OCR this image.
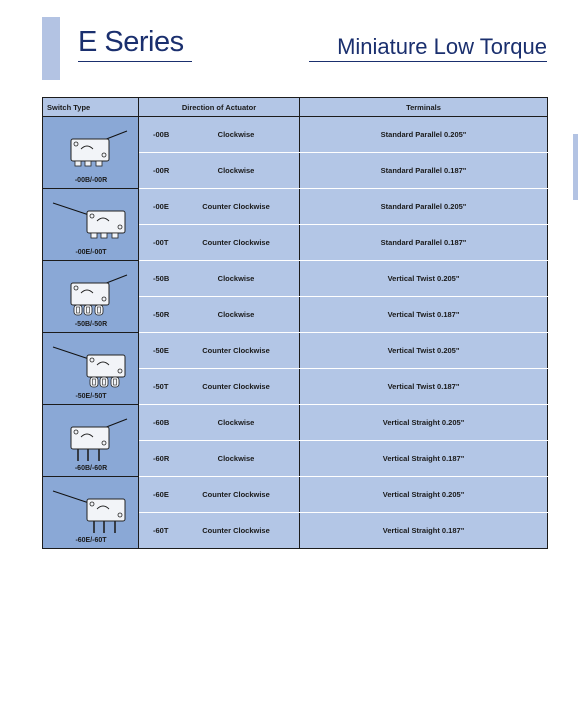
E Series	Miniature Low Torque
Switch Type	Direction of Actuator	Terminals

-00B/-00R	-00B Clockwise	Standard Parallel 0.205"

	-00R Clockwise	Standard Parallel 0.187"

-00E/-00T	-00E Counter Clockwise	Standard Parallel 0.205"

	-00T Counter Clockwise	Standard Parallel 0.187"

-50B/-50R	-50B Clockwise	Vertical Twist 0.205"

	-50R Clockwise	Vertical Twist 0.187"

-50E/-50T	-50E Counter Clockwise	Vertical Twist 0.205"

	-50T Counter Clockwise	Vertical Twist 0.187"

-60B/-60R	-60B Clockwise	Vertical Straight 0.205"

	-60R Clockwise	Vertical Straight 0.187"

-60E/-60T	-60E Counter Clockwise	Vertical Straight 0.205"

	-60T Counter Clockwise	Vertical Straight 0.187"
